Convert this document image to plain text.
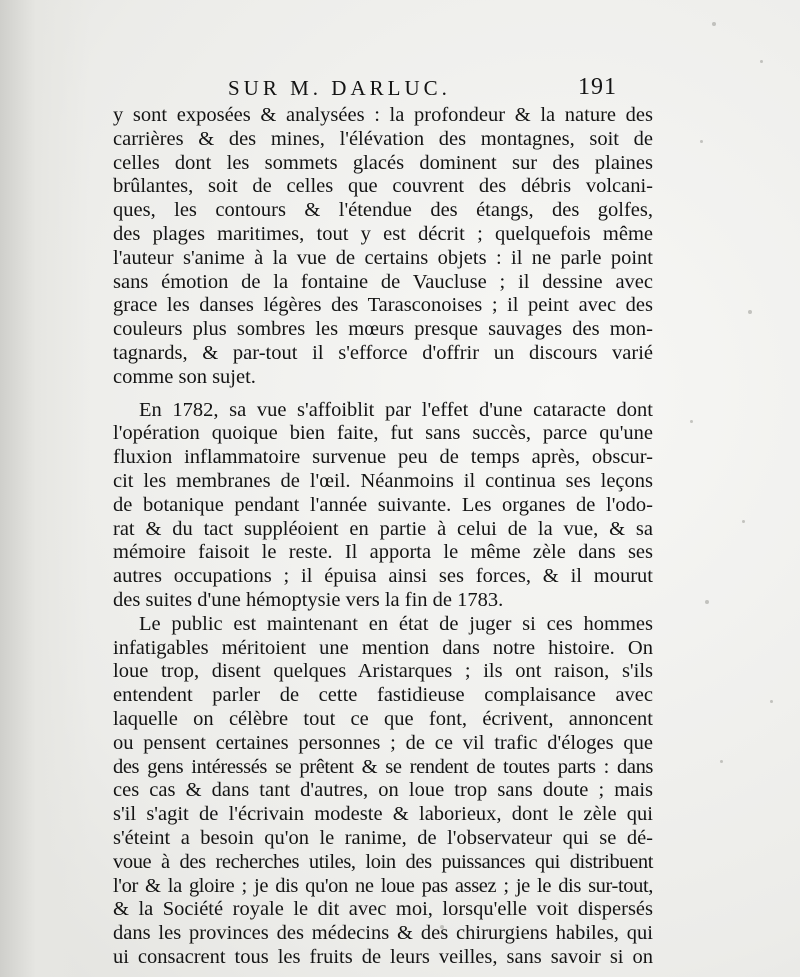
SUR M. DARLUC.	191
y sont exposées & analysées : la profondeur & la nature des
carrières & des mines, l'élévation des montagnes, soit de
celles dont les sommets glacés dominent sur des plaines
brûlantes, soit de celles que couvrent des débris volcani-
ques, les contours & l'étendue des étangs, des golfes,
des plages maritimes, tout y est décrit ; quelquefois même
l'auteur s'anime à la vue de certains objets : il ne parle point
sans émotion de la fontaine de Vaucluse ; il dessine avec
grace les danses légères des Tarasconoises ; il peint avec des
couleurs plus sombres les mœurs presque sauvages des mon-
tagnards, & par-tout il s'efforce d'offrir un discours varié
comme son sujet.
En 1782, sa vue s'affoiblit par l'effet d'une cataracte dont
l'opération quoique bien faite, fut sans succès, parce qu'une
fluxion inflammatoire survenue peu de temps après, obscur-
cit les membranes de l'œil. Néanmoins il continua ses leçons
de botanique pendant l'année suivante. Les organes de l'odo-
rat & du tact suppléoient en partie à celui de la vue, & sa
mémoire faisoit le reste. Il apporta le même zèle dans ses
autres occupations ; il épuisa ainsi ses forces, & il mourut
des suites d'une hémoptysie vers la fin de 1783.
Le public est maintenant en état de juger si ces hommes
infatigables méritoient une mention dans notre histoire. On
loue trop, disent quelques Aristarques ; ils ont raison, s'ils
entendent parler de cette fastidieuse complaisance avec
laquelle on célèbre tout ce que font, écrivent, annoncent
ou pensent certaines personnes ; de ce vil trafic d'éloges que
des gens intéressés se prêtent & se rendent de toutes parts : dans
ces cas & dans tant d'autres, on loue trop sans doute ; mais
s'il s'agit de l'écrivain modeste & laborieux, dont le zèle qui
s'éteint a besoin qu'on le ranime, de l'observateur qui se dé-
voue à des recherches utiles, loin des puissances qui distribuent
l'or & la gloire ; je dis qu'on ne loue pas assez ; je le dis sur-tout,
& la Société royale le dit avec moi, lorsqu'elle voit dispersés
dans les provinces des médecins & des chirurgiens habiles, qui
ui consacrent tous les fruits de leurs veilles, sans savoir si on
